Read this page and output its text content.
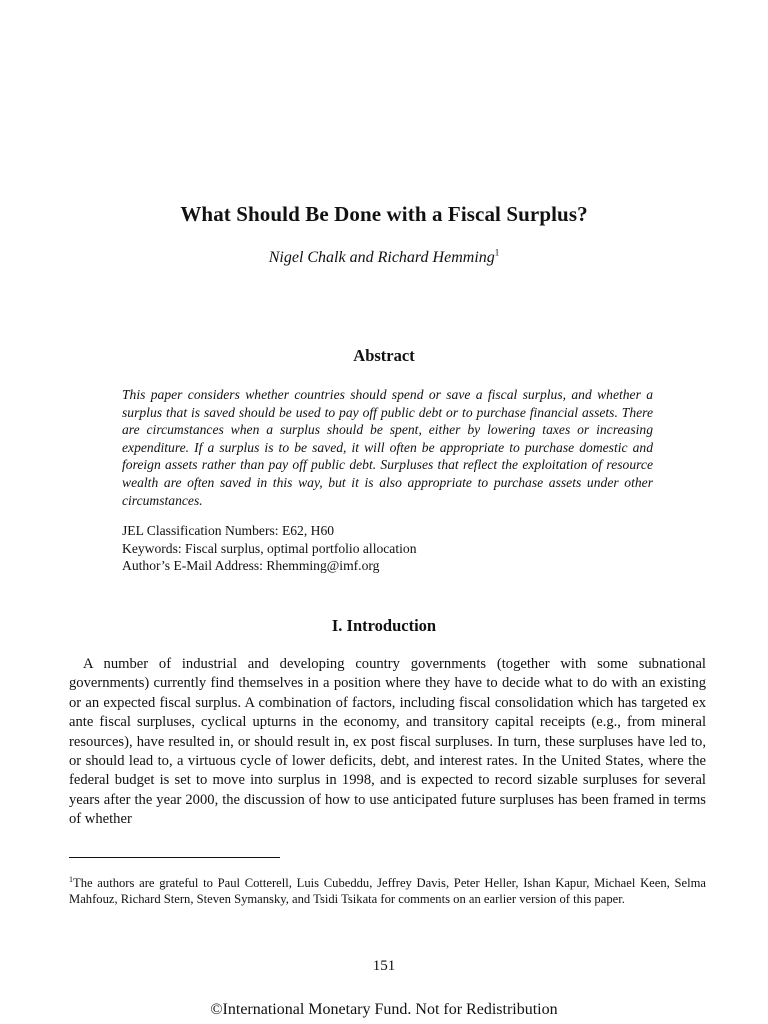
What Should Be Done with a Fiscal Surplus?
Nigel Chalk and Richard Hemming$^1$
Abstract
This paper considers whether countries should spend or save a fiscal surplus, and whether a surplus that is saved should be used to pay off public debt or to purchase financial assets. There are circumstances when a surplus should be spent, either by lowering taxes or increasing expenditure. If a surplus is to be saved, it will often be appropriate to purchase domestic and foreign assets rather than pay off public debt. Surpluses that reflect the exploitation of resource wealth are often saved in this way, but it is also appropriate to purchase assets under other circumstances.
JEL Classification Numbers: E62, H60
Keywords: Fiscal surplus, optimal portfolio allocation
Author’s E-Mail Address: Rhemming@imf.org
I. Introduction
A number of industrial and developing country governments (together with some subnational governments) currently find themselves in a position where they have to decide what to do with an existing or an expected fiscal surplus. A combination of factors, including fiscal consolidation which has targeted ex ante fiscal surpluses, cyclical upturns in the economy, and transitory capital receipts (e.g., from mineral resources), have resulted in, or should result in, ex post fiscal surpluses. In turn, these surpluses have led to, or should lead to, a virtuous cycle of lower deficits, debt, and interest rates. In the United States, where the federal budget is set to move into surplus in 1998, and is expected to record sizable surpluses for several years after the year 2000, the discussion of how to use anticipated future surpluses has been framed in terms of whether
$^1$The authors are grateful to Paul Cotterell, Luis Cubeddu, Jeffrey Davis, Peter Heller, Ishan Kapur, Michael Keen, Selma Mahfouz, Richard Stern, Steven Symansky, and Tsidi Tsikata for comments on an earlier version of this paper.
151
©International Monetary Fund. Not for Redistribution
